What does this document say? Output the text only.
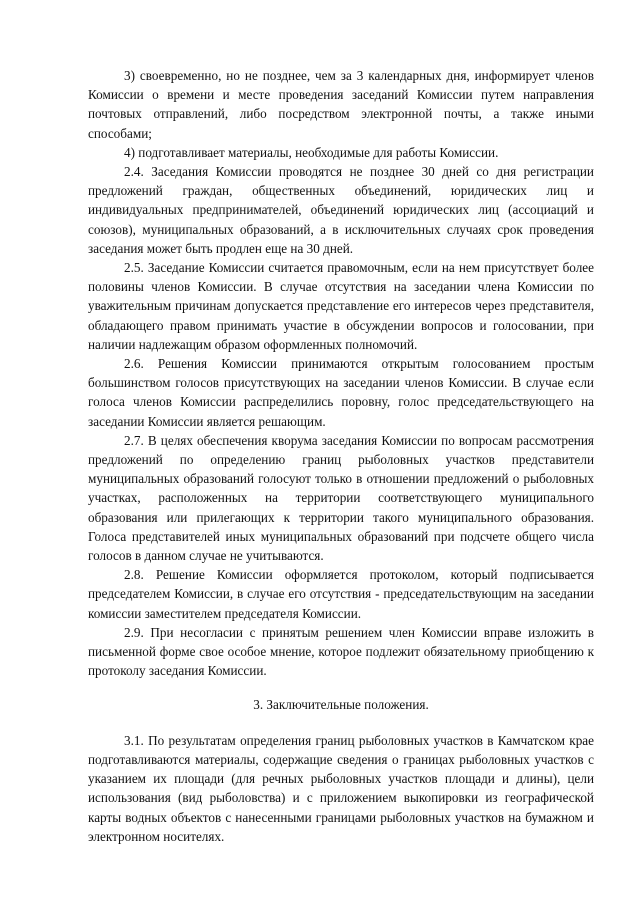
3) своевременно, но не позднее, чем за 3 календарных дня, информирует членов Комиссии о времени и месте проведения заседаний Комиссии путем направления почтовых отправлений, либо посредством электронной почты, а также иными способами;

4) подготавливает материалы, необходимые для работы Комиссии.

2.4. Заседания Комиссии проводятся не позднее 30 дней со дня регистрации предложений граждан, общественных объединений, юридических лиц и индивидуальных предпринимателей, объединений юридических лиц (ассоциаций и союзов), муниципальных образований, а в исключительных случаях срок проведения заседания может быть продлен еще на 30 дней.

2.5. Заседание Комиссии считается правомочным, если на нем присутствует более половины членов Комиссии. В случае отсутствия на заседании члена Комиссии по уважительным причинам допускается представление его интересов через представителя, обладающего правом принимать участие в обсуждении вопросов и голосовании, при наличии надлежащим образом оформленных полномочий.

2.6. Решения Комиссии принимаются открытым голосованием простым большинством голосов присутствующих на заседании членов Комиссии. В случае если голоса членов Комиссии распределились поровну, голос председательствующего на заседании Комиссии является решающим.

2.7. В целях обеспечения кворума заседания Комиссии по вопросам рассмотрения предложений по определению границ рыболовных участков представители муниципальных образований голосуют только в отношении предложений о рыболовных участках, расположенных на территории соответствующего муниципального образования или прилегающих к территории такого муниципального образования. Голоса представителей иных муниципальных образований при подсчете общего числа голосов в данном случае не учитываются.

2.8. Решение Комиссии оформляется протоколом, который подписывается председателем Комиссии, в случае его отсутствия - председательствующим на заседании комиссии заместителем председателя Комиссии.

2.9. При несогласии с принятым решением член Комиссии вправе изложить в письменной форме свое особое мнение, которое подлежит обязательному приобщению к протоколу заседания Комиссии.

3. Заключительные положения.

3.1. По результатам определения границ рыболовных участков в Камчатском крае подготавливаются материалы, содержащие сведения о границах рыболовных участков с указанием их площади (для речных рыболовных участков площади и длины), цели использования (вид рыболовства) и с приложением выкопировки из географической карты водных объектов с нанесенными границами рыболовных участков на бумажном и электронном носителях.
